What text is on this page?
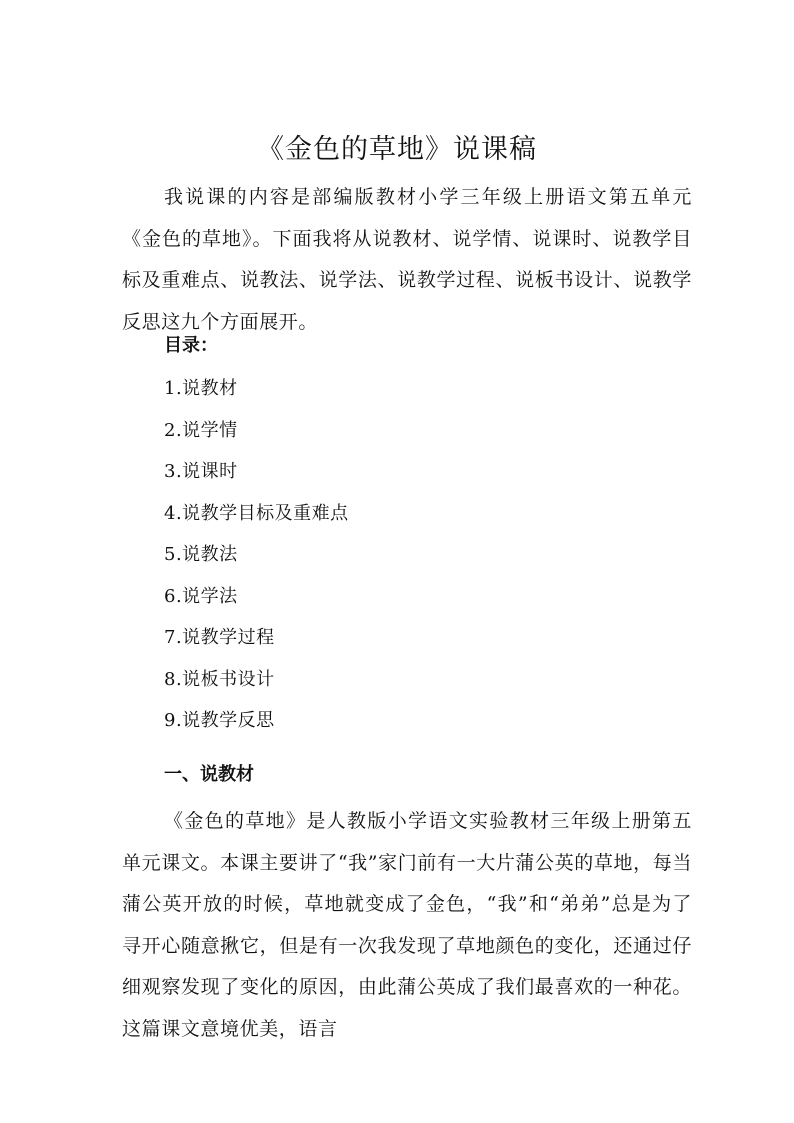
《金色的草地》说课稿

我说课的内容是部编版教材小学三年级上册语文第五单元《金色的草地》。下面我将从说教材、说学情、说课时、说教学目标及重难点、说教法、说学法、说教学过程、说板书设计、说教学反思这九个方面展开。

目录：
1.说教材
2.说学情
3.说课时
4.说教学目标及重难点
5.说教法
6.说学法
7.说教学过程
8.说板书设计
9.说教学反思
一、说教材

《金色的草地》是人教版小学语文实验教材三年级上册第五单元课文。本课主要讲了“我”家门前有一大片蒲公英的草地，每当蒲公英开放的时候，草地就变成了金色，“我”和“弟弟”总是为了寻开心随意揪它，但是有一次我发现了草地颜色的变化，还通过仔细观察发现了变化的原因，由此蒲公英成了我们最喜欢的一种花。这篇课文意境优美，语言
